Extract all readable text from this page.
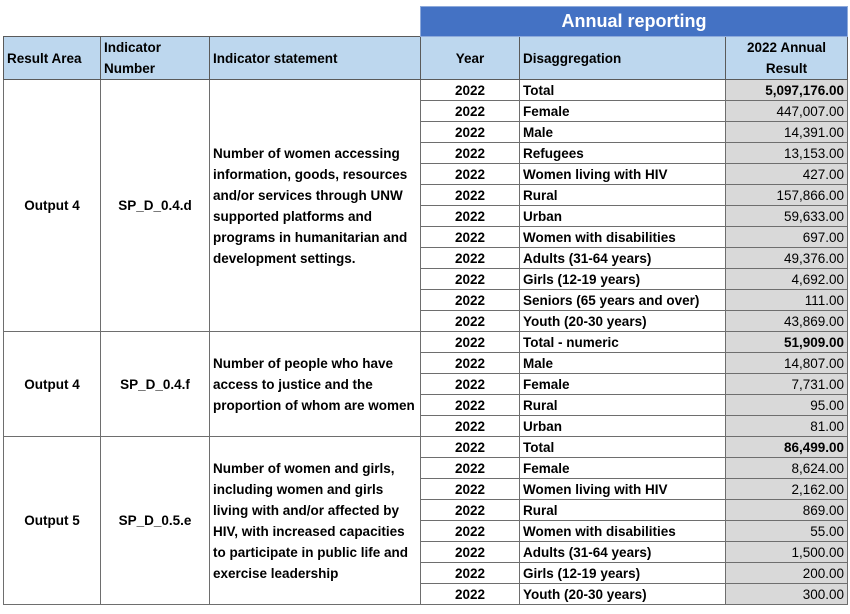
			Annual reporting		
Result Area	Indicator Number	Indicator statement	Year	Disaggregation	2022 Annual Result
Output 4	SP_D_0.4.d	Number of women accessing information, goods, resources and/or services through UNW supported platforms and programs in humanitarian and development settings.	2022	Total	5,097,176.00
			2022	Female	447,007.00
			2022	Male	14,391.00
			2022	Refugees	13,153.00
			2022	Women living with HIV	427.00
			2022	Rural	157,866.00
			2022	Urban	59,633.00
			2022	Women with disabilities	697.00
			2022	Adults (31-64 years)	49,376.00
			2022	Girls (12-19 years)	4,692.00
			2022	Seniors (65 years and over)	111.00
			2022	Youth (20-30 years)	43,869.00
Output 4	SP_D_0.4.f	Number of people who have access to justice and the proportion of whom are women	2022	Total - numeric	51,909.00
			2022	Male	14,807.00
			2022	Female	7,731.00
			2022	Rural	95.00
			2022	Urban	81.00
Output 5	SP_D_0.5.e	Number of women and girls, including women and girls living with and/or affected by HIV, with increased capacities to participate in public life and exercise leadership	2022	Total	86,499.00
			2022	Female	8,624.00
			2022	Women living with HIV	2,162.00
			2022	Rural	869.00
			2022	Women with disabilities	55.00
			2022	Adults (31-64 years)	1,500.00
			2022	Girls (12-19 years)	200.00
			2022	Youth (20-30 years)	300.00
